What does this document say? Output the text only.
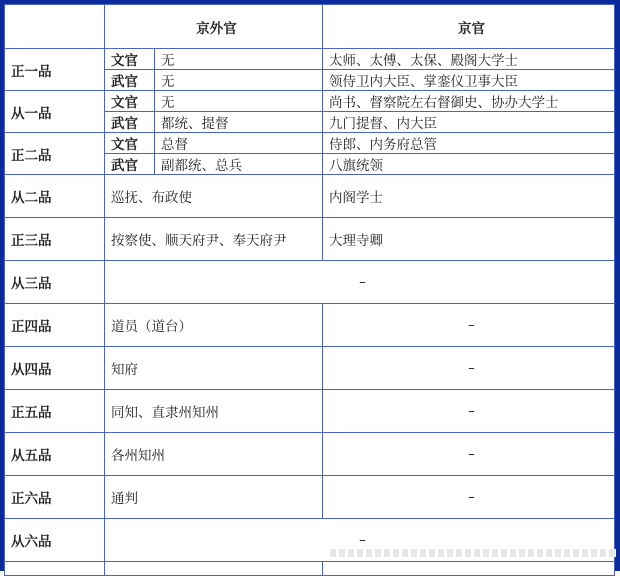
	京外官		京官
正一品	文官	无	太师、太傅、太保、殿阁大学士
	武官	无	领侍卫内大臣、掌銮仪卫事大臣
从一品	文官	无	尚书、督察院左右督御史、协办大学士
	武官	都统、提督	九门提督、内大臣
正二品	文官	总督	侍郎、内务府总管
	武官	副都统、总兵	八旗统领
从二品	巡抚、布政使		内阁学士
正三品	按察使、顺天府尹、奉天府尹		大理寺卿
从三品	–		
正四品	道员（道台）		–
从四品	知府		–
正五品	同知、直隶州知州		–
从五品	各州知州		–
正六品	通判		–
从六品	–		
